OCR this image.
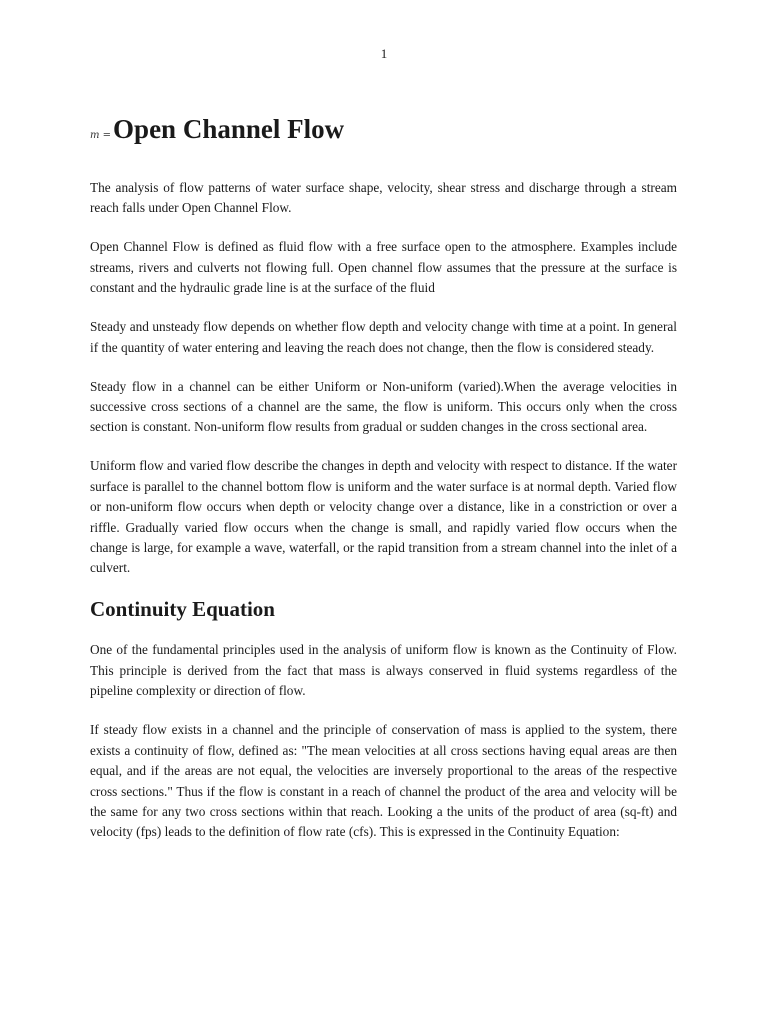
1
m =Open Channel Flow

The analysis of flow patterns of water surface shape, velocity, shear stress and discharge through a stream reach falls under Open Channel Flow.

Open Channel Flow is defined as fluid flow with a free surface open to the atmosphere. Examples include streams, rivers and culverts not flowing full. Open channel flow assumes that the pressure at the surface is constant and the hydraulic grade line is at the surface of the fluid

Steady and unsteady flow depends on whether flow depth and velocity change with time at a point. In general if the quantity of water entering and leaving the reach does not change, then the flow is considered steady.

Steady flow in a channel can be either Uniform or Non-uniform (varied).When the average velocities in successive cross sections of a channel are the same, the flow is uniform. This occurs only when the cross section is constant. Non-uniform flow results from gradual or sudden changes in the cross sectional area.

Uniform flow and varied flow describe the changes in depth and velocity with respect to distance. If the water surface is parallel to the channel bottom flow is uniform and the water surface is at normal depth. Varied flow or non-uniform flow occurs when depth or velocity change over a distance, like in a constriction or over a riffle. Gradually varied flow occurs when the change is small, and rapidly varied flow occurs when the change is large, for example a wave, waterfall, or the rapid transition from a stream channel into the inlet of a culvert.

Continuity Equation

One of the fundamental principles used in the analysis of uniform flow is known as the Continuity of Flow. This principle is derived from the fact that mass is always conserved in fluid systems regardless of the pipeline complexity or direction of flow.

If steady flow exists in a channel and the principle of conservation of mass is applied to the system, there exists a continuity of flow, defined as: "The mean velocities at all cross sections having equal areas are then equal, and if the areas are not equal, the velocities are inversely proportional to the areas of the respective cross sections." Thus if the flow is constant in a reach of channel the product of the area and velocity will be the same for any two cross sections within that reach. Looking a the units of the product of area (sq-ft) and velocity (fps) leads to the definition of flow rate (cfs). This is expressed in the Continuity Equation:
